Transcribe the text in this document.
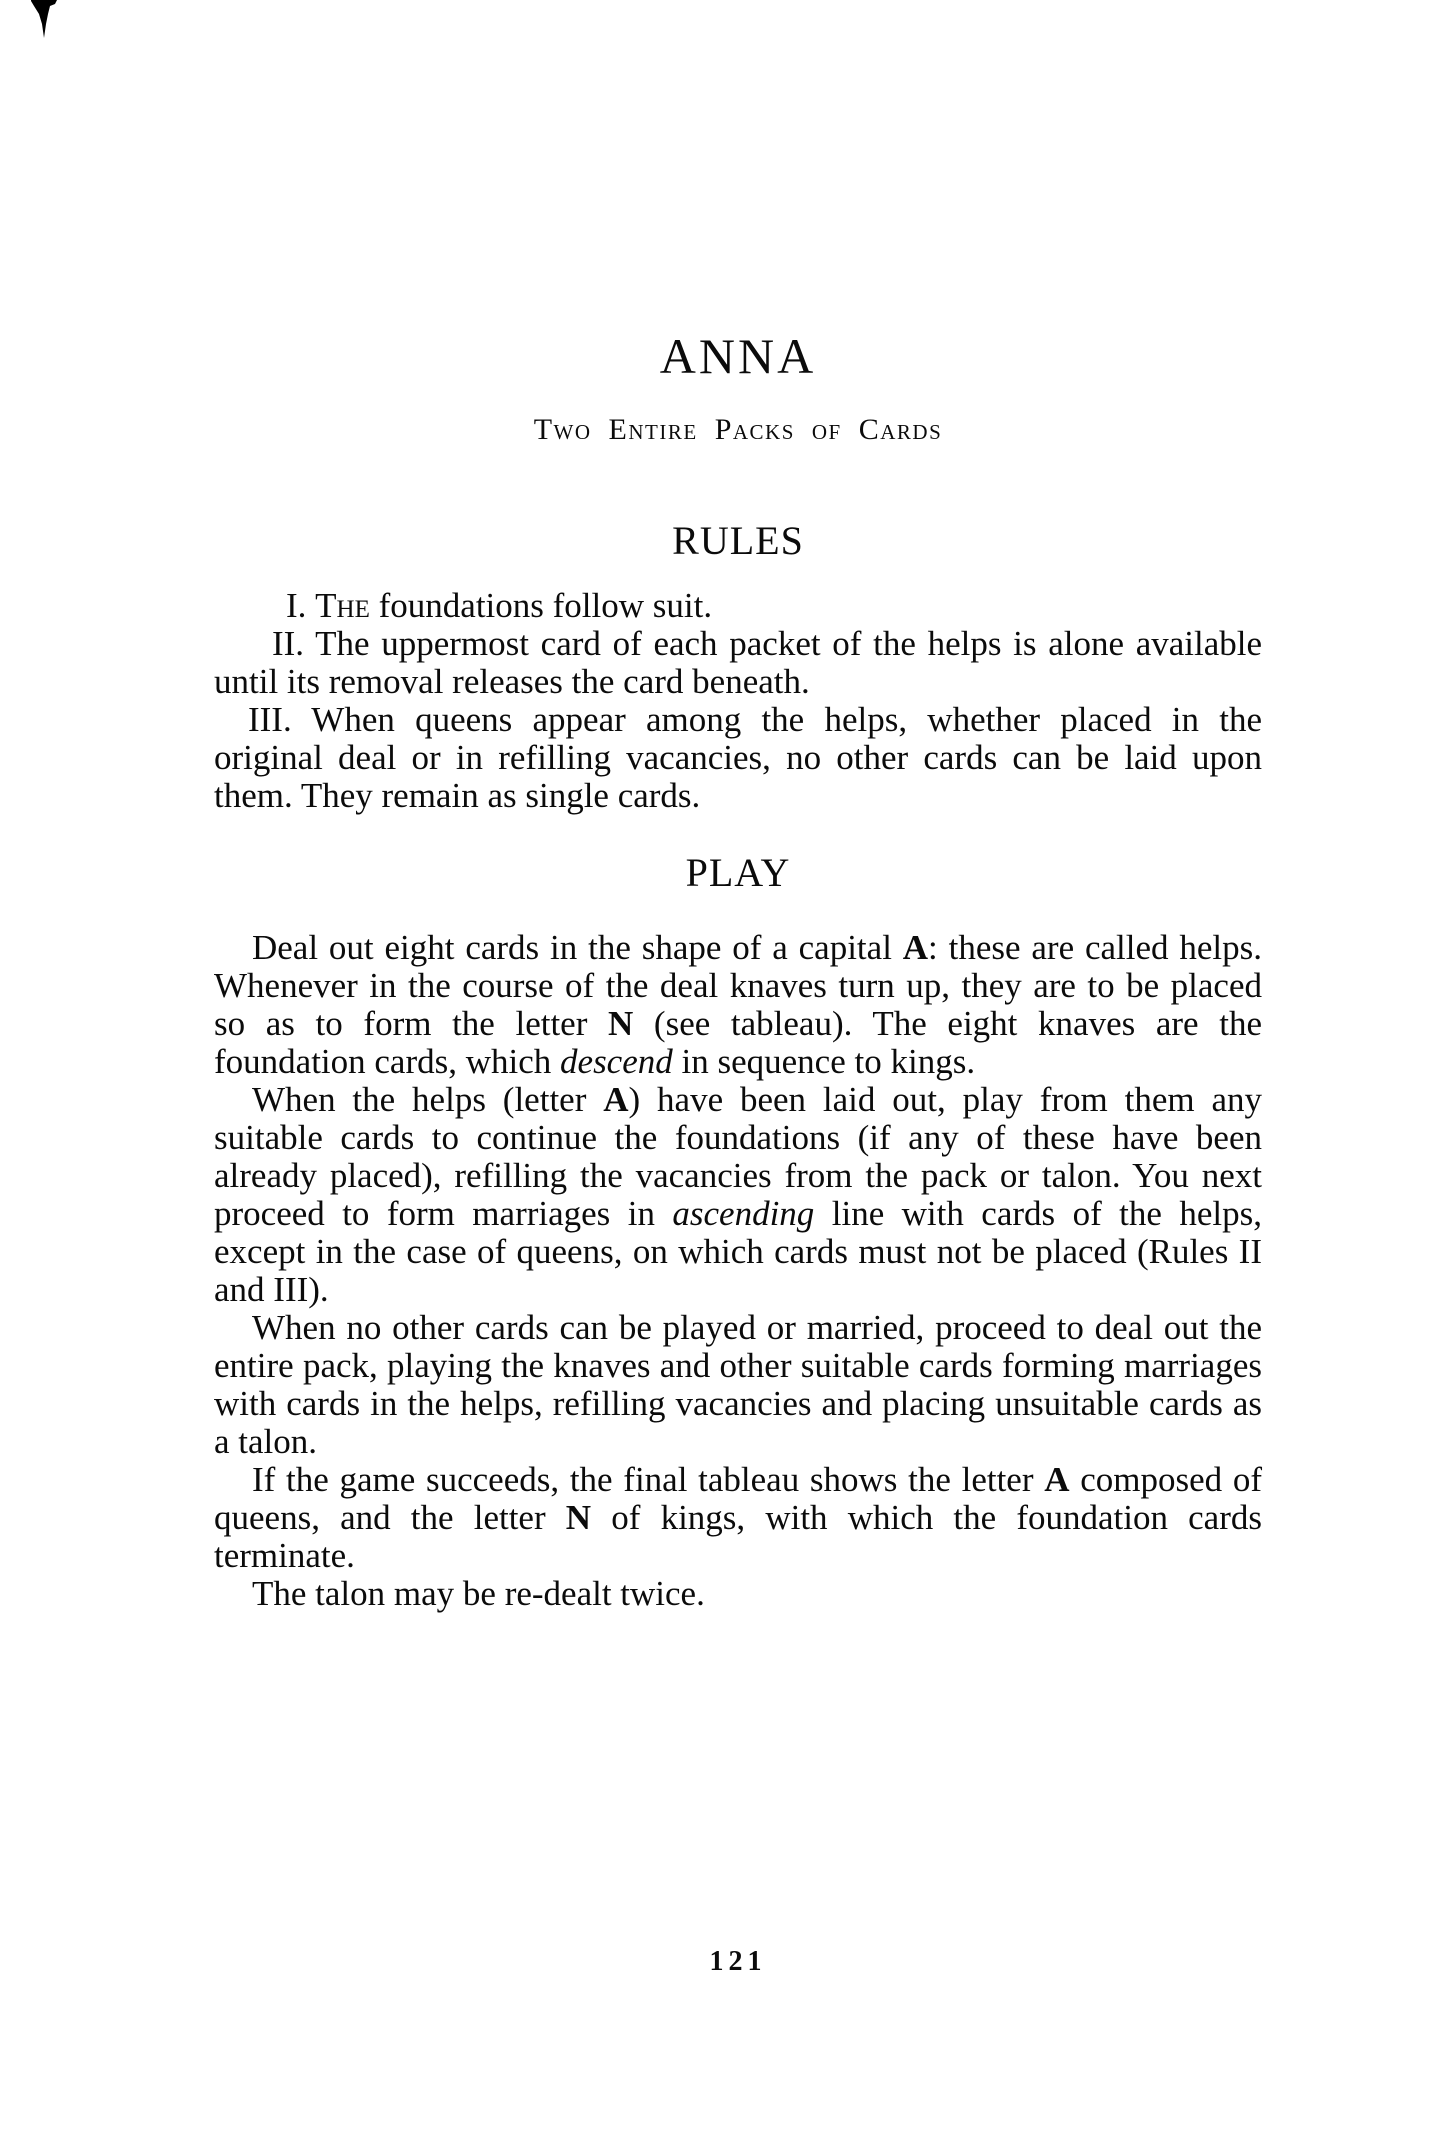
ANNA
Two Entire Packs of Cards
RULES

I. The foundations follow suit.

II. The uppermost card of each packet of the helps is alone available until its removal releases the card beneath.

III. When queens appear among the helps, whether placed in the original deal or in refilling vacancies, no other cards can be laid upon them. They remain as single cards.

PLAY

Deal out eight cards in the shape of a capital A: these are called helps. Whenever in the course of the deal knaves turn up, they are to be placed so as to form the letter N (see tableau). The eight knaves are the foundation cards, which descend in sequence to kings.

When the helps (letter A) have been laid out, play from them any suitable cards to continue the foundations (if any of these have been already placed), refilling the vacancies from the pack or talon. You next proceed to form marriages in ascending line with cards of the helps, except in the case of queens, on which cards must not be placed (Rules II and III).

When no other cards can be played or married, proceed to deal out the entire pack, playing the knaves and other suitable cards forming marriages with cards in the helps, refilling vacancies and placing unsuitable cards as a talon.

If the game succeeds, the final tableau shows the letter A composed of queens, and the letter N of kings, with which the foundation cards terminate.

The talon may be re-dealt twice.

121
